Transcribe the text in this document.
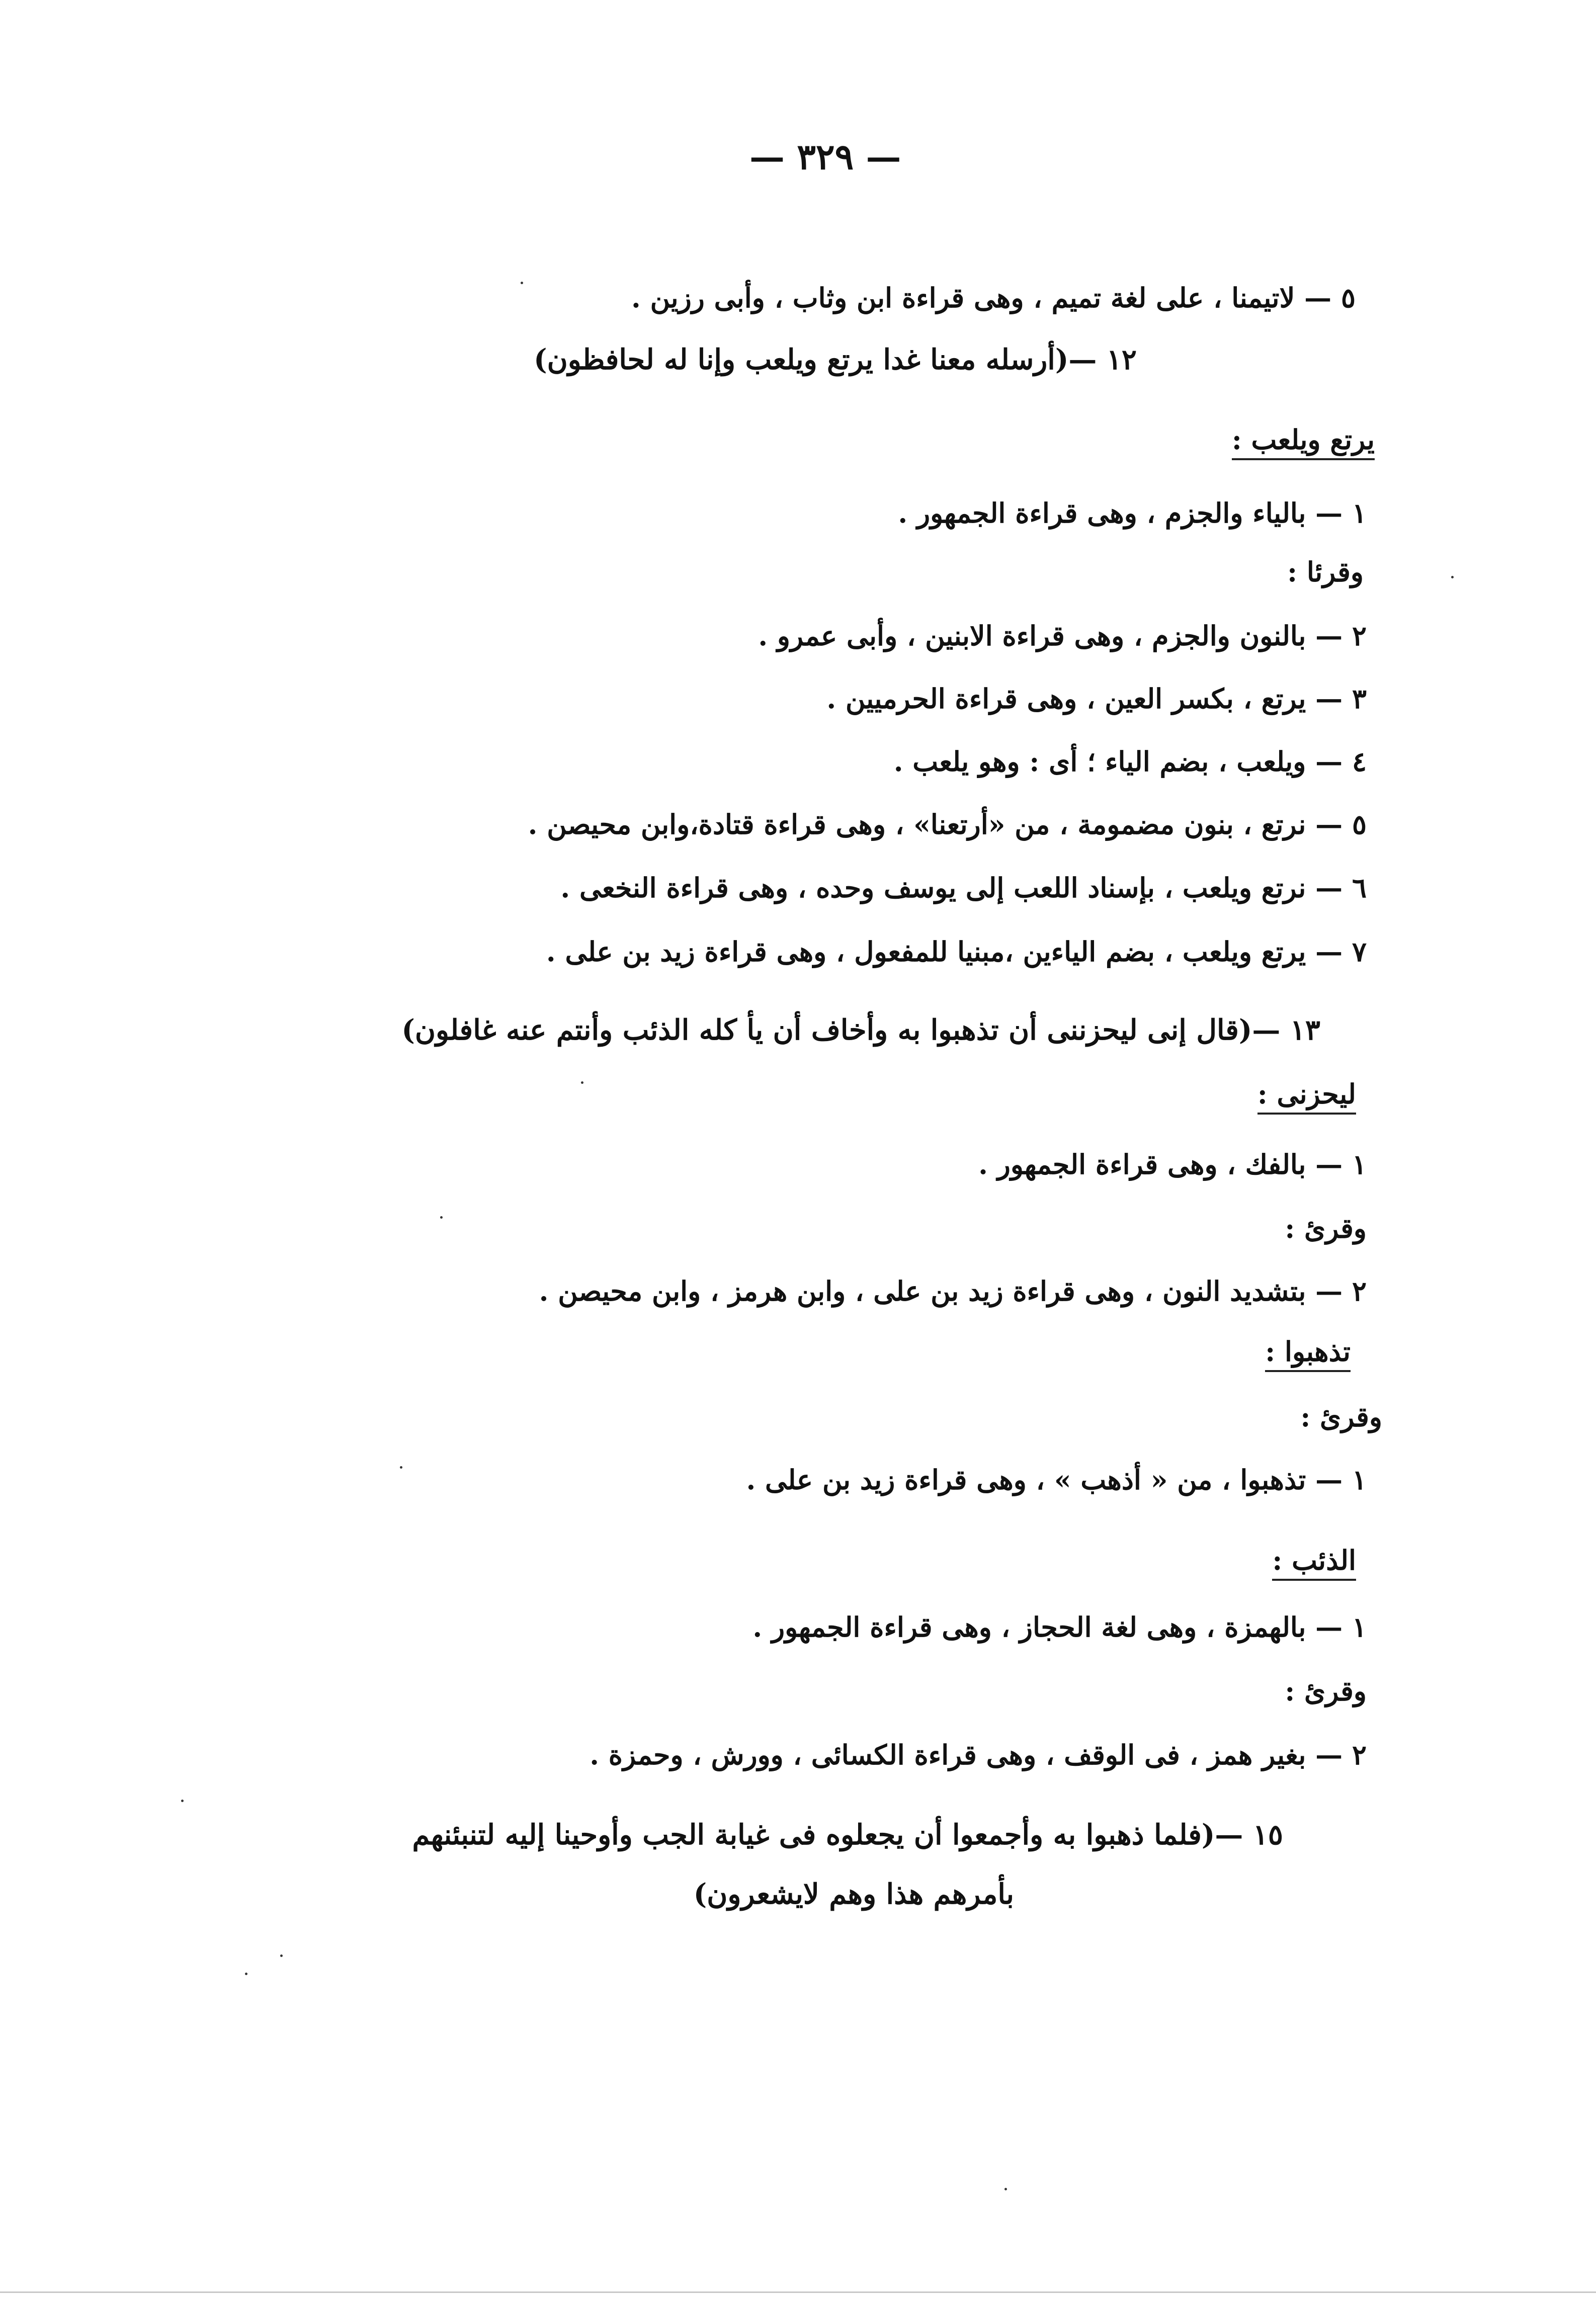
— ٣٢٩ —
٥ — لاتيمنا ، على لغة تميم ، وهى قراءة ابن وثاب ، وأبى رزين .
١٢ —(أرسله معنا غدا يرتع ويلعب وإنا له لحافظون)
يرتع ويلعب :
١ — بالياء والجزم ، وهى قراءة الجمهور .
وقرئا :
٢ — بالنون والجزم ، وهى قراءة الابنين ، وأبى عمرو .
٣ — يرتع ، بكسر العين ، وهى قراءة الحرميين .
٤ — ويلعب ، بضم الياء ؛ أى : وهو يلعب .
٥ — نرتع ، بنون مضمومة ، من «أرتعنا» ، وهى قراءة قتادة،وابن محيصن .
٦ — نرتع ويلعب ، بإسناد اللعب إلى يوسف وحده ، وهى قراءة النخعى .
٧ — يرتع ويلعب ، بضم الياءين ،مبنيا للمفعول ، وهى قراءة زيد بن على .
١٣ —(قال إنى ليحزننى أن تذهبوا به وأخاف أن يأ كله الذئب وأنتم عنه غافلون)
ليحزنى :
١ — بالفك ، وهى قراءة الجمهور .
وقرئ :
٢ — بتشديد النون ، وهى قراءة زيد بن على ، وابن هرمز ، وابن محيصن .
تذهبوا :
وقرئ :
١ — تذهبوا ، من « أذهب » ، وهى قراءة زيد بن على .
الذئب :
١ — بالهمزة ، وهى لغة الحجاز ، وهى قراءة الجمهور .
وقرئ :
٢ — بغير همز ، فى الوقف ، وهى قراءة الكسائى ، وورش ، وحمزة .
١٥ —(فلما ذهبوا به وأجمعوا أن يجعلوه فى غيابة الجب وأوحينا إليه لتنبئنهم
بأمرهم هذا وهم لايشعرون)
